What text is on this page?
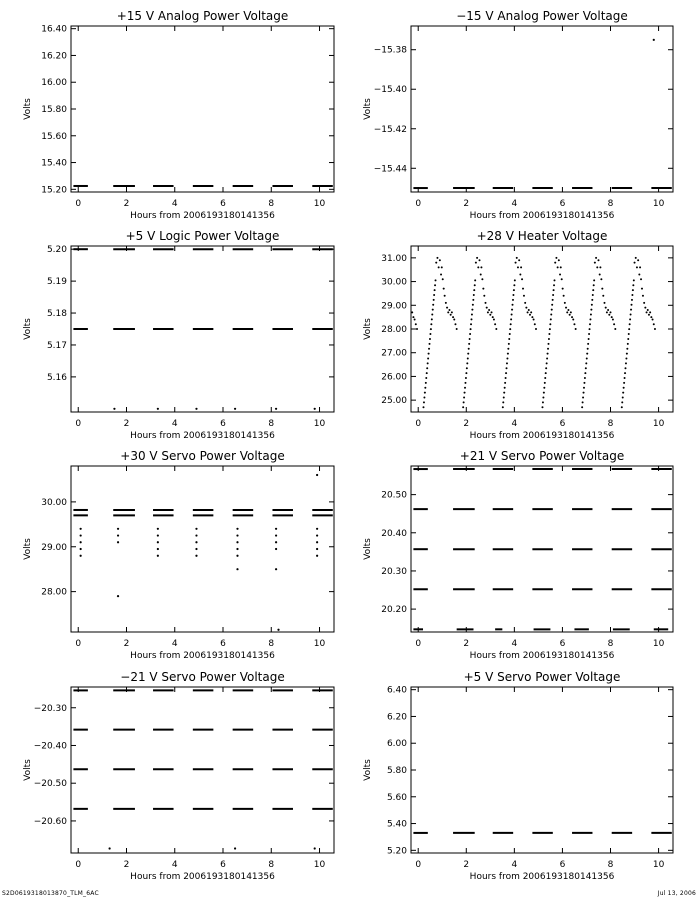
+15 V Analog Power Voltage
0	2	4	6	8	10
15.20
15.40
15.60
15.80
16.00
16.20
16.40
Hours from 2006193180141356
Volts
−15 V Analog Power Voltage
0	2	4	6	8	10
−15.38
−15.40
−15.42
−15.44
Hours from 2006193180141356
Volts
+5 V Logic Power Voltage
0	2	4	6	8	10
5.16
5.17
5.18
5.19
5.20
Hours from 2006193180141356
Volts
+28 V Heater Voltage
0	2	4	6	8	10
25.00
26.00
27.00
28.00
29.00
30.00
31.00
Hours from 2006193180141356
Volts
+30 V Servo Power Voltage
0	2	4	6	8	10
28.00
29.00
30.00
Hours from 2006193180141356
Volts
+21 V Servo Power Voltage
0	2	4	6	8	10
20.20
20.30
20.40
20.50
Hours from 2006193180141356
Volts
−21 V Servo Power Voltage
0	2	4	6	8	10
−20.30
−20.40
−20.50
−20.60
Hours from 2006193180141356
Volts
+5 V Servo Power Voltage
0	2	4	6	8	10
5.20
5.40
5.60
5.80
6.00
6.20
6.40
Hours from 2006193180141356
Volts
S2D0619318013870_TLM_6AC	Jul 13, 2006
